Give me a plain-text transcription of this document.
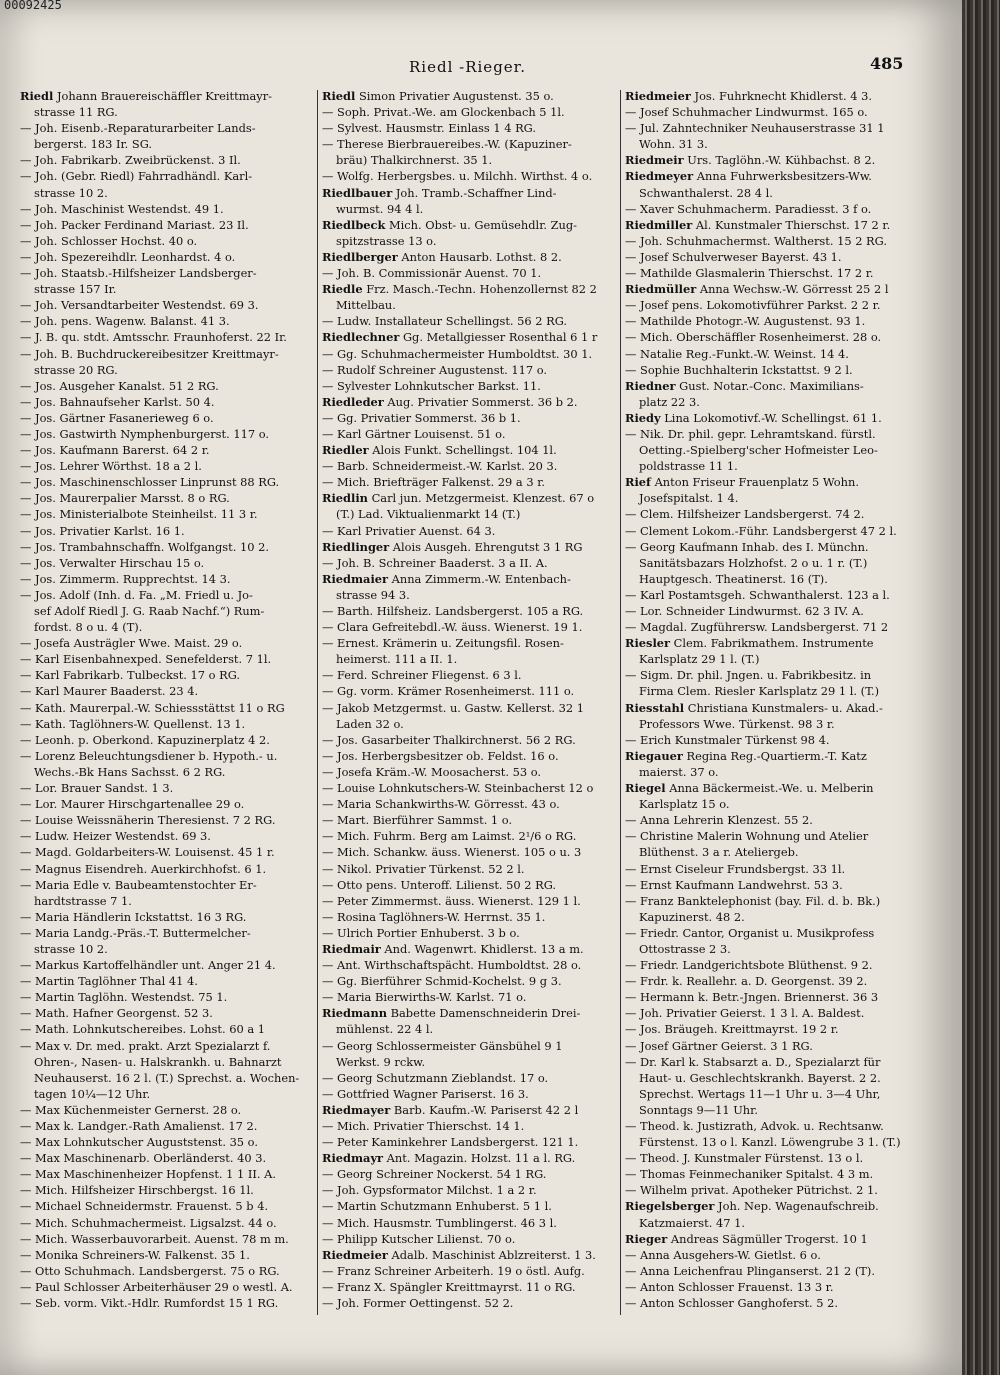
00092425
Riedl -Rieger.	485
Riedl Johann Brauereischäffler Kreittmayr-
strasse 11 RG.
— Joh. Eisenb.-Reparaturarbeiter Lands-
bergerst. 183 Ir. SG.
— Joh. Fabrikarb. Zweibrückenst. 3 Il.
— Joh. (Gebr. Riedl) Fahrradhändl. Karl-
strasse 10 2.
— Joh. Maschinist Westendst. 49 1.
— Joh. Packer Ferdinand Mariast. 23 Il.
— Joh. Schlosser Hochst. 40 o.
— Joh. Spezereihdlr. Leonhardst. 4 o.
— Joh. Staatsb.-Hilfsheizer Landsberger-
strasse 157 Ir.
— Joh. Versandtarbeiter Westendst. 69 3.
— Joh. pens. Wagenw. Balanst. 41 3.
— J. B. qu. stdt. Amtsschr. Fraunhoferst. 22 Ir.
— Joh. B. Buchdruckereibesitzer Kreittmayr-
strasse 20 RG.
— Jos. Ausgeher Kanalst. 51 2 RG.
— Jos. Bahnaufseher Karlst. 50 4.
— Jos. Gärtner Fasanerieweg 6 o.
— Jos. Gastwirth Nymphenburgerst. 117 o.
— Jos. Kaufmann Barerst. 64 2 r.
— Jos. Lehrer Wörthst. 18 a 2 l.
— Jos. Maschinenschlosser Linprunst 88 RG.
— Jos. Maurerpalier Marsst. 8 o RG.
— Jos. Ministerialbote Steinheilst. 11 3 r.
— Jos. Privatier Karlst. 16 1.
— Jos. Trambahnschaffn. Wolfgangst. 10 2.
— Jos. Verwalter Hirschau 15 o.
— Jos. Zimmerm. Rupprechtst. 14 3.
— Jos. Adolf (Inh. d. Fa. „M. Friedl u. Jo-
sef Adolf Riedl J. G. Raab Nachf.“) Rum-
fordst. 8 o u. 4 (T).
— Josefa Austrägler Wwe. Maist. 29 o.
— Karl Eisenbahnexped. Senefelderst. 7 1l.
— Karl Fabrikarb. Tulbeckst. 17 o RG.
— Karl Maurer Baaderst. 23 4.
— Kath. Maurerpal.-W. Schiessstättst 11 o RG
— Kath. Taglöhners-W. Quellenst. 13 1.
— Leonh. p. Oberkond. Kapuzinerplatz 4 2.
— Lorenz Beleuchtungsdiener b. Hypoth.- u.
Wechs.-Bk Hans Sachsst. 6 2 RG.
— Lor. Brauer Sandst. 1 3.
— Lor. Maurer Hirschgartenallee 29 o.
— Louise Weissnäherin Theresienst. 7 2 RG.
— Ludw. Heizer Westendst. 69 3.
— Magd. Goldarbeiters-W. Louisenst. 45 1 r.
— Magnus Eisendreh. Auerkirchhofst. 6 1.
— Maria Edle v. Baubeamtenstochter Er-
hardtstrasse 7 1.
— Maria Händlerin Ickstattst. 16 3 RG.
— Maria Landg.-Präs.-T. Buttermelcher-
strasse 10 2.
— Markus Kartoffelhändler unt. Anger 21 4.
— Martin Taglöhner Thal 41 4.
— Martin Taglöhn. Westendst. 75 1.
— Math. Hafner Georgenst. 52 3.
— Math. Lohnkutschereibes. Lohst. 60 a 1
— Max v. Dr. med. prakt. Arzt Spezialarzt f.
Ohren-, Nasen- u. Halskrankh. u. Bahnarzt
Neuhauserst. 16 2 l. (T.) Sprechst. a. Wochen-
tagen 10¼—12 Uhr.
— Max Küchenmeister Gernerst. 28 o.
— Max k. Landger.-Rath Amalienst. 17 2.
— Max Lohnkutscher Auguststenst. 35 o.
— Max Maschinenarb. Oberländerst. 40 3.
— Max Maschinenheizer Hopfenst. 1 1 II. A.
— Mich. Hilfsheizer Hirschbergst. 16 1l.
— Michael Schneidermstr. Frauenst. 5 b 4.
— Mich. Schuhmachermeist. Ligsalzst. 44 o.
— Mich. Wasserbauvorarbeit. Auenst. 78 m m.
— Monika Schreiners-W. Falkenst. 35 1.
— Otto Schuhmach. Landsbergerst. 75 o RG.
— Paul Schlosser Arbeiterhäuser 29 o westl. A.
— Seb. vorm. Vikt.-Hdlr. Rumfordst 15 1 RG.
Riedl Simon Privatier Augustenst. 35 o.
— Soph. Privat.-We. am Glockenbach 5 1l.
— Sylvest. Hausmstr. Einlass 1 4 RG.
— Therese Bierbrauereibes.-W. (Kapuziner-
bräu) Thalkirchnerst. 35 1.
— Wolfg. Herbergsbes. u. Milchh. Wirthst. 4 o.
Riedlbauer Joh. Tramb.-Schaffner Lind-
wurmst. 94 4 l.
Riedlbeck Mich. Obst- u. Gemüsehdlr. Zug-
spitzstrasse 13 o.
Riedlberger Anton Hausarb. Lothst. 8 2.
— Joh. B. Commissionär Auenst. 70 1.
Riedle Frz. Masch.-Techn. Hohenzollernst 82 2
Mittelbau.
— Ludw. Installateur Schellingst. 56 2 RG.
Riedlechner Gg. Metallgiesser Rosenthal 6 1 r
— Gg. Schuhmachermeister Humboldtst. 30 1.
— Rudolf Schreiner Augustenst. 117 o.
— Sylvester Lohnkutscher Barkst. 11.
Riedleder Aug. Privatier Sommerst. 36 b 2.
— Gg. Privatier Sommerst. 36 b 1.
— Karl Gärtner Louisenst. 51 o.
Riedler Alois Funkt. Schellingst. 104 1l.
— Barb. Schneidermeist.-W. Karlst. 20 3.
— Mich. Briefträger Falkenst. 29 a 3 r.
Riedlin Carl jun. Metzgermeist. Klenzest. 67 o
(T.) Lad. Viktualienmarkt 14 (T.)
— Karl Privatier Auenst. 64 3.
Riedlinger Alois Ausgeh. Ehrengutst 3 1 RG
— Joh. B. Schreiner Baaderst. 3 a II. A.
Riedmaier Anna Zimmerm.-W. Entenbach-
strasse 94 3.
— Barth. Hilfsheiz. Landsbergerst. 105 a RG.
— Clara Gefreitebdl.-W. äuss. Wienerst. 19 1.
— Ernest. Krämerin u. Zeitungsfil. Rosen-
heimerst. 111 a II. 1.
— Ferd. Schreiner Fliegenst. 6 3 l.
— Gg. vorm. Krämer Rosenheimerst. 111 o.
— Jakob Metzgermst. u. Gastw. Kellerst. 32 1
Laden 32 o.
— Jos. Gasarbeiter Thalkirchnerst. 56 2 RG.
— Jos. Herbergsbesitzer ob. Feldst. 16 o.
— Josefa Kräm.-W. Moosacherst. 53 o.
— Louise Lohnkutschers-W. Steinbacherst 12 o
— Maria Schankwirths-W. Görresst. 43 o.
— Mart. Bierführer Sammst. 1 o.
— Mich. Fuhrm. Berg am Laimst. 2¹/6 o RG.
— Mich. Schankw. äuss. Wienerst. 105 o u. 3
— Nikol. Privatier Türkenst. 52 2 l.
— Otto pens. Unteroff. Lilienst. 50 2 RG.
— Peter Zimmermst. äuss. Wienerst. 129 1 l.
— Rosina Taglöhners-W. Herrnst. 35 1.
— Ulrich Portier Enhuberst. 3 b o.
Riedmair And. Wagenwrt. Khidlerst. 13 a m.
— Ant. Wirthschaftspächt. Humboldtst. 28 o.
— Gg. Bierführer Schmid-Kochelst. 9 g 3.
— Maria Bierwirths-W. Karlst. 71 o.
Riedmann Babette Damenschneiderin Drei-
mühlenst. 22 4 l.
— Georg Schlossermeister Gänsbühel 9 1
Werkst. 9 rckw.
— Georg Schutzmann Zieblandst. 17 o.
— Gottfried Wagner Pariserst. 16 3.
Riedmayer Barb. Kaufm.-W. Pariserst 42 2 l
— Mich. Privatier Thierschst. 14 1.
— Peter Kaminkehrer Landsbergerst. 121 1.
Riedmayr Ant. Magazin. Holzst. 11 a l. RG.
— Georg Schreiner Nockerst. 54 1 RG.
— Joh. Gypsformator Milchst. 1 a 2 r.
— Martin Schutzmann Enhuberst. 5 1 l.
— Mich. Hausmstr. Tumblingerst. 46 3 l.
— Philipp Kutscher Lilienst. 70 o.
Riedmeier Adalb. Maschinist Ablzreiterst. 1 3.
— Franz Schreiner Arbeiterh. 19 o östl. Aufg.
— Franz X. Spängler Kreittmayrst. 11 o RG.
— Joh. Former Oettingenst. 52 2.
Riedmeier Jos. Fuhrknecht Khidlerst. 4 3.
— Josef Schuhmacher Lindwurmst. 165 o.
— Jul. Zahntechniker Neuhauserstrasse 31 1
Wohn. 31 3.
Riedmeir Urs. Taglöhn.-W. Kühbachst. 8 2.
Riedmeyer Anna Fuhrwerksbesitzers-Ww.
Schwanthalerst. 28 4 l.
— Xaver Schuhmacherm. Paradiesst. 3 f o.
Riedmiller Al. Kunstmaler Thierschst. 17 2 r.
— Joh. Schuhmachermst. Waltherst. 15 2 RG.
— Josef Schulverweser Bayerst. 43 1.
— Mathilde Glasmalerin Thierschst. 17 2 r.
Riedmüller Anna Wechsw.-W. Görresst 25 2 l
— Josef pens. Lokomotivführer Parkst. 2 2 r.
— Mathilde Photogr.-W. Augustenst. 93 1.
— Mich. Oberschäffler Rosenheimerst. 28 o.
— Natalie Reg.-Funkt.-W. Weinst. 14 4.
— Sophie Buchhalterin Ickstattst. 9 2 l.
Riedner Gust. Notar.-Conc. Maximilians-
platz 22 3.
Riedy Lina Lokomotivf.-W. Schellingst. 61 1.
— Nik. Dr. phil. gepr. Lehramtskand. fürstl.
Oetting.-Spielberg'scher Hofmeister Leo-
poldstrasse 11 1.
Rief Anton Friseur Frauenplatz 5 Wohn.
Josefspitalst. 1 4.
— Clem. Hilfsheizer Landsbergerst. 74 2.
— Clement Lokom.-Führ. Landsbergerst 47 2 l.
— Georg Kaufmann Inhab. des I. Münchn.
Sanitätsbazars Holzhofst. 2 o u. 1 r. (T.)
Hauptgesch. Theatinerst. 16 (T).
— Karl Postamtsgeh. Schwanthalerst. 123 a l.
— Lor. Schneider Lindwurmst. 62 3 IV. A.
— Magdal. Zugführersw. Landsbergerst. 71 2
Riesler Clem. Fabrikmathem. Instrumente
Karlsplatz 29 1 l. (T.)
— Sigm. Dr. phil. Jngen. u. Fabrikbesitz. in
Firma Clem. Riesler Karlsplatz 29 1 l. (T.)
Riesstahl Christiana Kunstmalers- u. Akad.-
Professors Wwe. Türkenst. 98 3 r.
— Erich Kunstmaler Türkenst 98 4.
Riegauer Regina Reg.-Quartierm.-T. Katz
maierst. 37 o.
Riegel Anna Bäckermeist.-We. u. Melberin
Karlsplatz 15 o.
— Anna Lehrerin Klenzest. 55 2.
— Christine Malerin Wohnung und Atelier
Blüthenst. 3 a r. Ateliergeb.
— Ernst Ciseleur Frundsbergst. 33 1l.
— Ernst Kaufmann Landwehrst. 53 3.
— Franz Banktelephonist (bay. Fil. d. b. Bk.)
Kapuzinerst. 48 2.
— Friedr. Cantor, Organist u. Musikprofess
Ottostrasse 2 3.
— Friedr. Landgerichtsbote Blüthenst. 9 2.
— Frdr. k. Reallehr. a. D. Georgenst. 39 2.
— Hermann k. Betr.-Jngen. Briennerst. 36 3
— Joh. Privatier Geierst. 1 3 l. A. Baldest.
— Jos. Bräugeh. Kreittmayrst. 19 2 r.
— Josef Gärtner Geierst. 3 1 RG.
— Dr. Karl k. Stabsarzt a. D., Spezialarzt für
Haut- u. Geschlechtskrankh. Bayerst. 2 2.
Sprechst. Wertags 11—1 Uhr u. 3—4 Uhr,
Sonntags 9—11 Uhr.
— Theod. k. Justizrath, Advok. u. Rechtsanw.
Fürstenst. 13 o l. Kanzl. Löwengrube 3 1. (T.)
— Theod. J. Kunstmaler Fürstenst. 13 o l.
— Thomas Feinmechaniker Spitalst. 4 3 m.
— Wilhelm privat. Apotheker Pütrichst. 2 1.
Riegelsberger Joh. Nep. Wagenaufschreib.
Katzmaierst. 47 1.
Rieger Andreas Sägmüller Trogerst. 10 1
— Anna Ausgehers-W. Gietlst. 6 o.
— Anna Leichenfrau Plinganserst. 21 2 (T).
— Anton Schlosser Frauenst. 13 3 r.
— Anton Schlosser Ganghoferst. 5 2.
